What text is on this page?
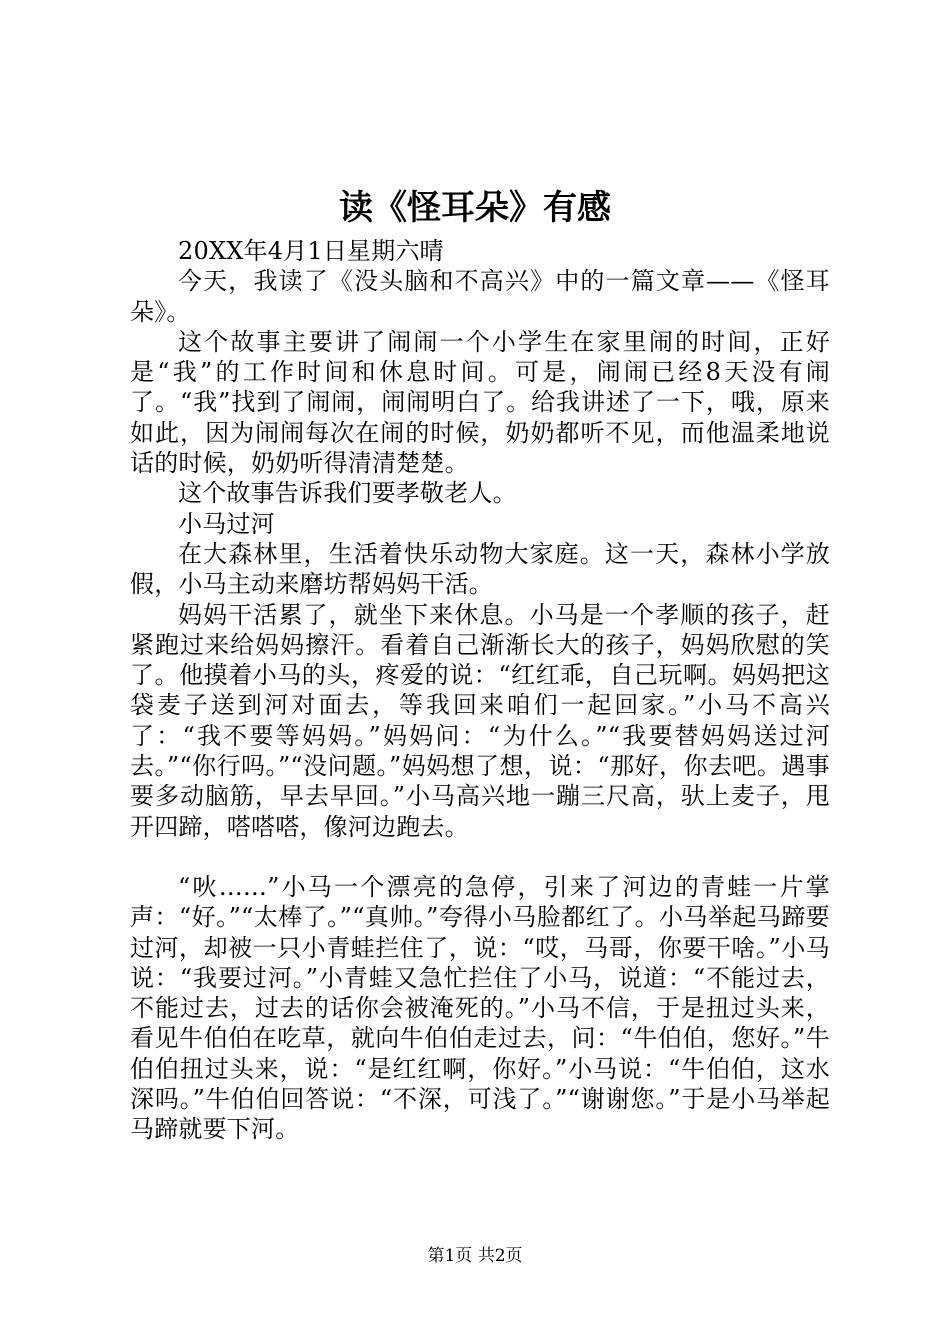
读《怪耳朵》有感

20XX年4月1日星期六晴

今天，我读了《没头脑和不高兴》中的一篇文章——《怪耳朵》。

这个故事主要讲了闹闹一个小学生在家里闹的时间，正好是“我”的工作时间和休息时间。可是，闹闹已经8天没有闹了。“我”找到了闹闹，闹闹明白了。给我讲述了一下，哦，原来如此，因为闹闹每次在闹的时候，奶奶都听不见，而他温柔地说话的时候，奶奶听得清清楚楚。

这个故事告诉我们要孝敬老人。

小马过河

在大森林里，生活着快乐动物大家庭。这一天，森林小学放假，小马主动来磨坊帮妈妈干活。

妈妈干活累了，就坐下来休息。小马是一个孝顺的孩子，赶紧跑过来给妈妈擦汗。看着自己渐渐长大的孩子，妈妈欣慰的笑了。他摸着小马的头，疼爱的说：“红红乖，自己玩啊。妈妈把这袋麦子送到河对面去，等我回来咱们一起回家。”小马不高兴了：“我不要等妈妈。”妈妈问：“为什么。”“我要替妈妈送过河去。”“你行吗。”“没问题。”妈妈想了想，说：“那好，你去吧。遇事要多动脑筋，早去早回。”小马高兴地一蹦三尺高，驮上麦子，甩开四蹄，嗒嗒嗒，像河边跑去。

“吙……”小马一个漂亮的急停，引来了河边的青蛙一片掌声：“好。”“太棒了。”“真帅。”夸得小马脸都红了。小马举起马蹄要过河，却被一只小青蛙拦住了，说：“哎，马哥，你要干啥。”小马说：“我要过河。”小青蛙又急忙拦住了小马，说道：“不能过去，不能过去，过去的话你会被淹死的。”小马不信，于是扭过头来，看见牛伯伯在吃草，就向牛伯伯走过去，问：“牛伯伯，您好。”牛伯伯扭过头来，说：“是红红啊，你好。”小马说：“牛伯伯，这水深吗。”牛伯伯回答说：“不深，可浅了。”“谢谢您。”于是小马举起马蹄就要下河。

第1页 共2页
